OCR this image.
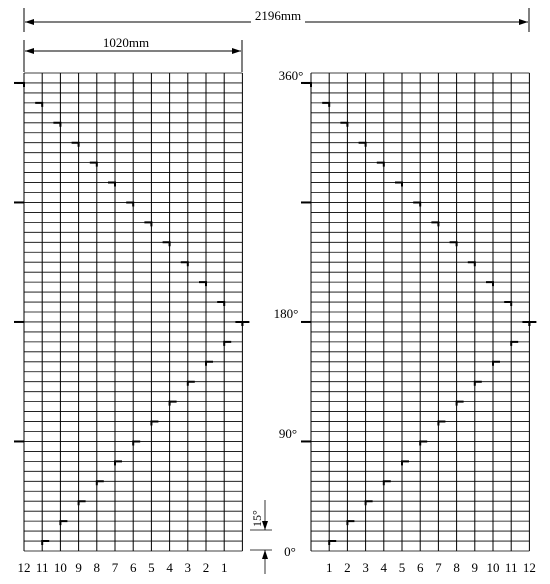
2196mm
1020mm
360°
180°
90°
0°
15°
12 11 10 9 8 7 6 5 4 3 2 1	1 2 3 4 5 6 7 8 9 10 11 12
